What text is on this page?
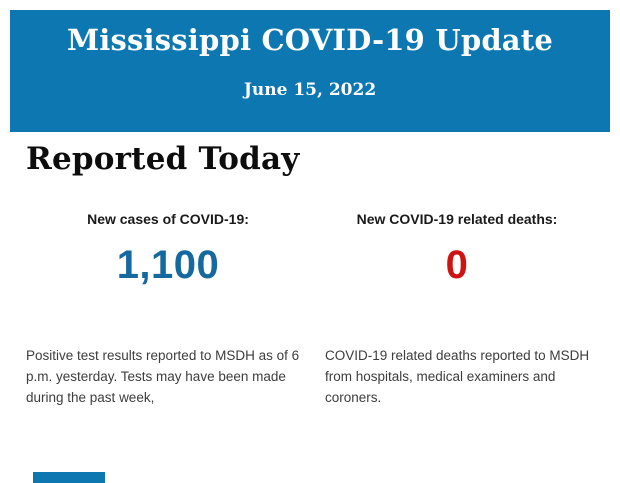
Mississippi COVID-19 Update
June 15, 2022
Reported Today
New cases of COVID-19:	New COVID-19 related deaths:
1,100	0
Positive test results reported to MSDH as of 6 p.m. yesterday. Tests may have been made during the past week,
COVID-19 related deaths reported to MSDH from hospitals, medical examiners and coroners.
